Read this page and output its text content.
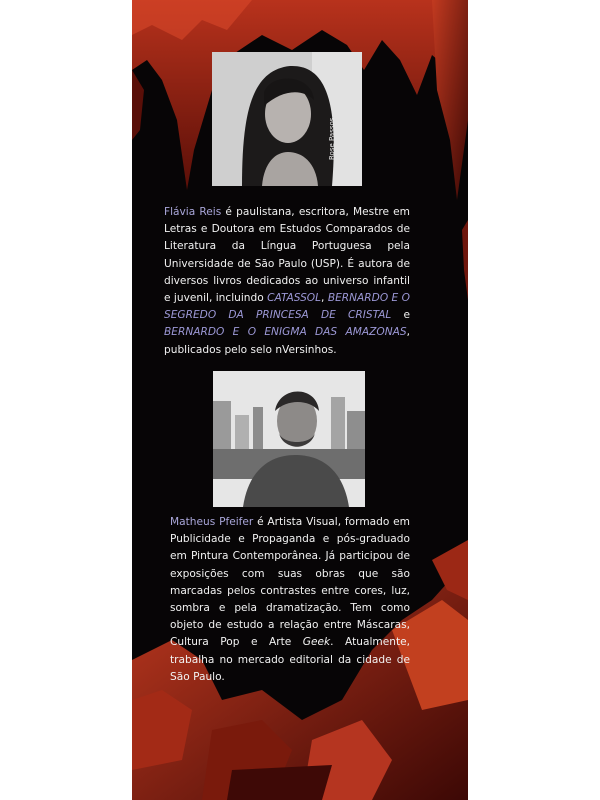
Rose Passos
Flávia Reis é paulistana, escritora, Mestre em Letras e Doutora em Estudos Comparados de Literatura da Língua Portuguesa pela Universidade de São Paulo (USP). É autora de diversos livros dedicados ao universo infantil e juvenil, incluindo CATASSOL, BERNARDO E O SEGREDO DA PRINCESA DE CRISTAL e BERNARDO E O ENIGMA DAS AMAZONAS, publicados pelo selo nVersinhos.
Matheus Pfeifer é Artista Visual, formado em Publicidade e Propaganda e pós-graduado em Pintura Contemporânea. Já participou de exposições com suas obras que são marcadas pelos contrastes entre cores, luz, sombra e pela dramatização. Tem como objeto de estudo a relação entre Máscaras, Cultura Pop e Arte Geek. Atualmente, trabalha no mercado editorial da cidade de São Paulo.
